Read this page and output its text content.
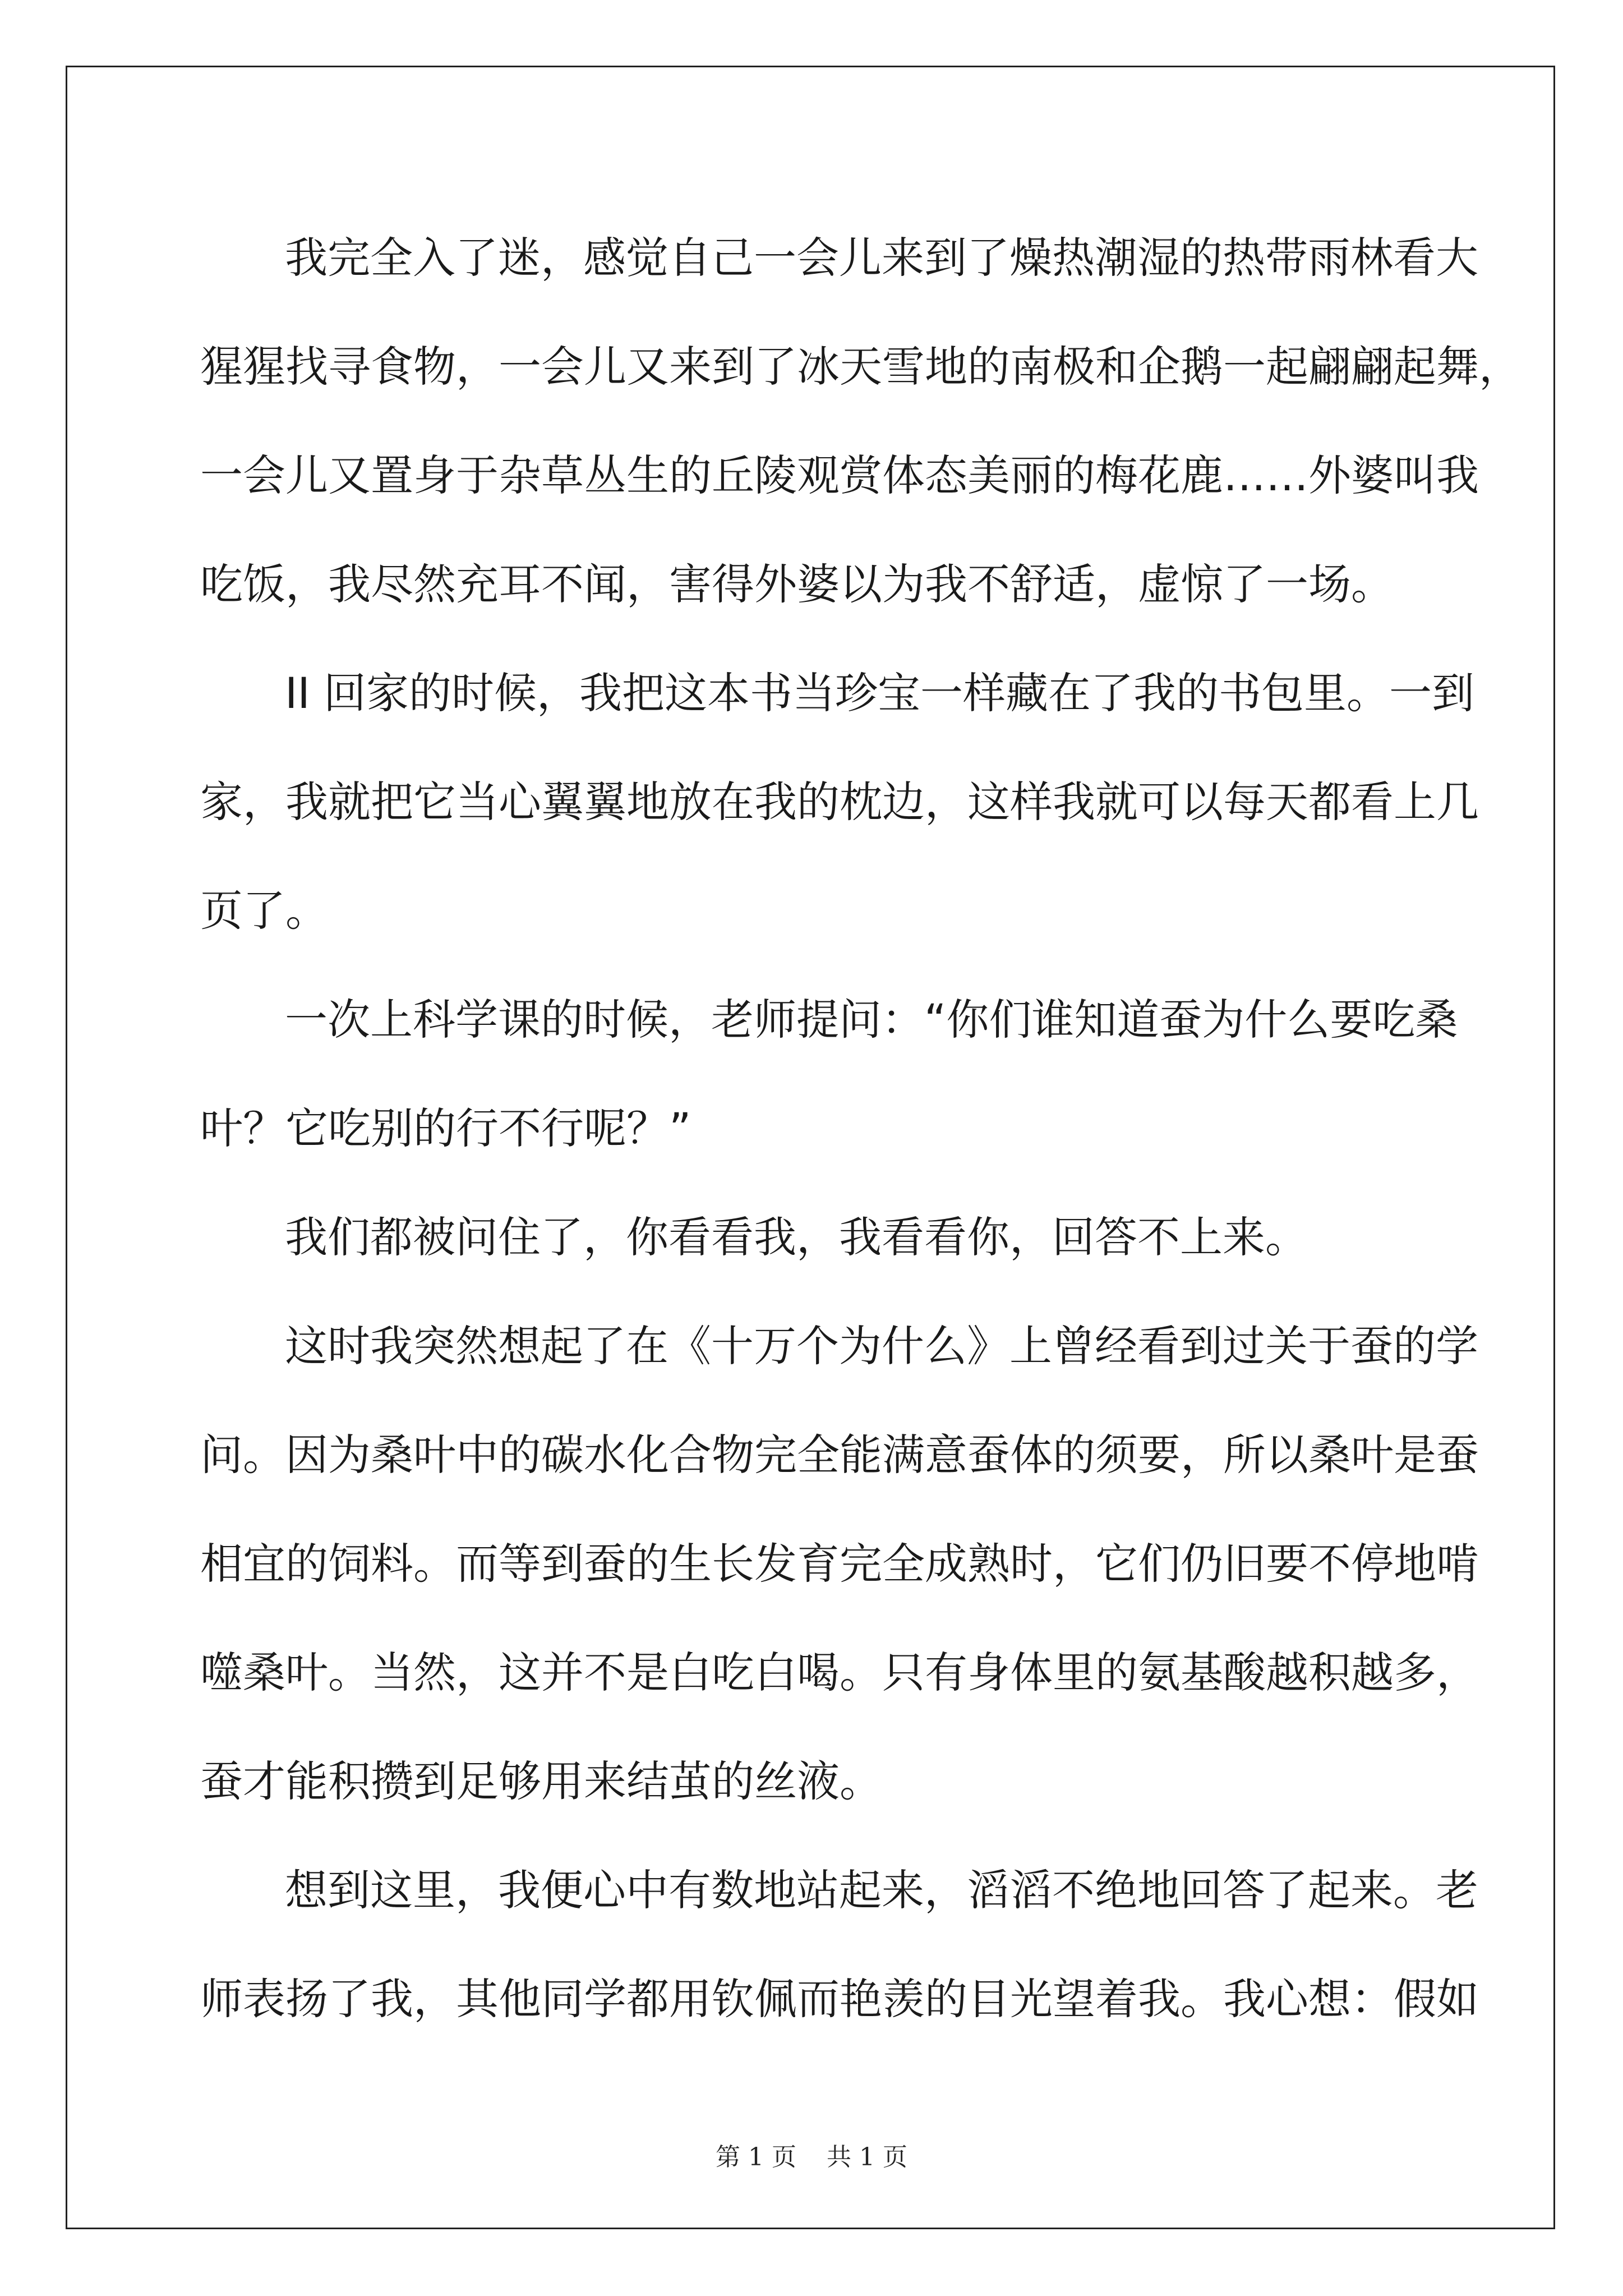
我完全入了迷，感觉自己一会儿来到了燥热潮湿的热带雨林看大
猩猩找寻食物，一会儿又来到了冰天雪地的南极和企鹅一起翩翩起舞，
一会儿又置身于杂草丛生的丘陵观赏体态美丽的梅花鹿……外婆叫我
吃饭，我尽然充耳不闻，害得外婆以为我不舒适，虚惊了一场。
II 回家的时候，我把这本书当珍宝一样藏在了我的书包里。一到
家，我就把它当心翼翼地放在我的枕边，这样我就可以每天都看上几
页了。
一次上科学课的时候，老师提问：“你们谁知道蚕为什么要吃桑
叶？它吃别的行不行呢？”
我们都被问住了，你看看我，我看看你，回答不上来。
这时我突然想起了在《十万个为什么》上曾经看到过关于蚕的学
问。因为桑叶中的碳水化合物完全能满意蚕体的须要，所以桑叶是蚕
相宜的饲料。而等到蚕的生长发育完全成熟时，它们仍旧要不停地啃
噬桑叶。当然，这并不是白吃白喝。只有身体里的氨基酸越积越多，
蚕才能积攒到足够用来结茧的丝液。
想到这里，我便心中有数地站起来，滔滔不绝地回答了起来。老
师表扬了我，其他同学都用钦佩而艳羡的目光望着我。我心想：假如
第 1 页 共 1 页
